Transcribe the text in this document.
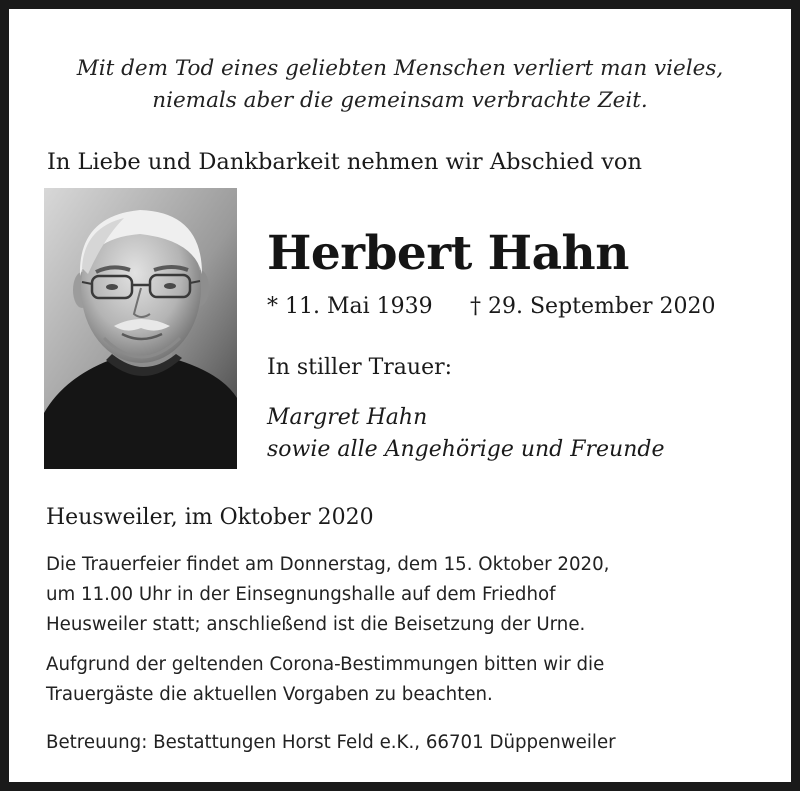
Mit dem Tod eines geliebten Menschen verliert man vieles,
niemals aber die gemeinsam verbrachte Zeit.
In Liebe und Dankbarkeit nehmen wir Abschied von
Herbert Hahn
* 11. Mai 1939 † 29. September 2020
In stiller Trauer:
Margret Hahn
sowie alle Angehörige und Freunde
Heusweiler, im Oktober 2020
Die Trauerfeier findet am Donnerstag, dem 15. Oktober 2020,
um 11.00 Uhr in der Einsegnungshalle auf dem Friedhof
Heusweiler statt; anschließend ist die Beisetzung der Urne.
Aufgrund der geltenden Corona-Bestimmungen bitten wir die
Trauergäste die aktuellen Vorgaben zu beachten.
Betreuung: Bestattungen Horst Feld e.K., 66701 Düppenweiler
